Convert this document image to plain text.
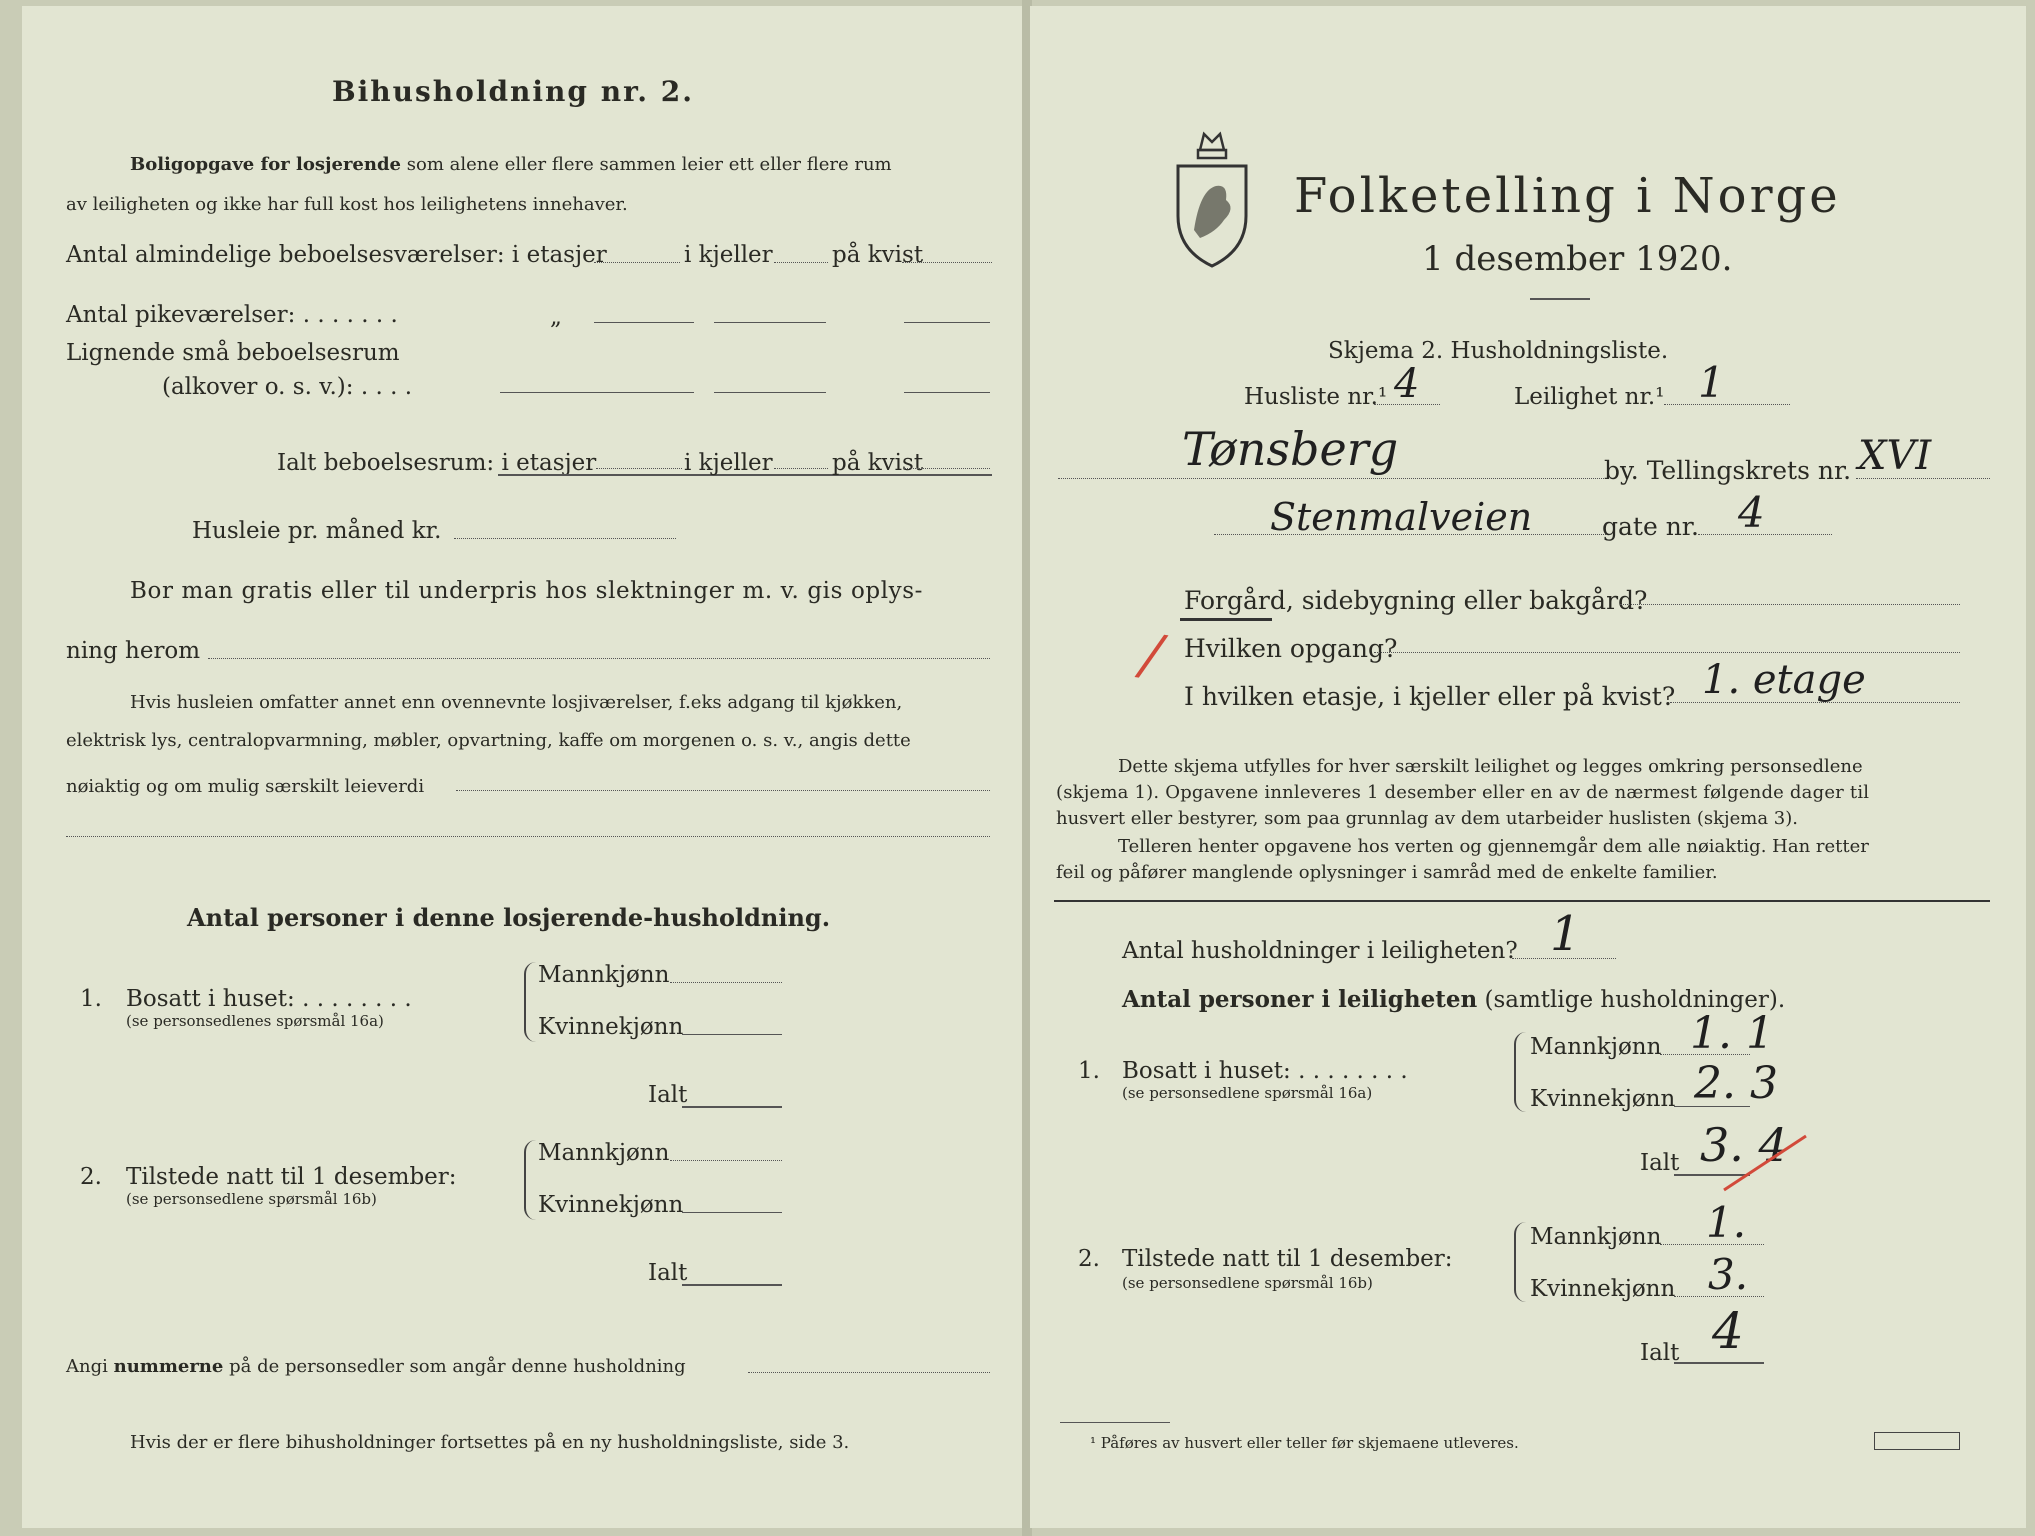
Bihusholdning nr. 2.
Boligopgave for losjerende som alene eller flere sammen leier ett eller flere rum
av leiligheten og ikke har full kost hos leilighetens innehaver.
Antal almindelige beboelsesværelser: i etasjer	i kjeller	på kvist
Antal pikeværelser: . . . . . . .	„
Lignende små beboelsesrum
(alkover o. s. v.): . . . .
Ialt beboelsesrum: i etasjer	i kjeller	på kvist
Husleie pr. måned kr.
Bor man gratis eller til underpris hos slektninger m. v. gis oplys-
ning herom
Hvis husleien omfatter annet enn ovennevnte losjiværelser, f.eks adgang til kjøkken,
elektrisk lys, centralopvarmning, møbler, opvartning, kaffe om morgenen o. s. v., angis dette
nøiaktig og om mulig særskilt leieverdi
Antal personer i denne losjerende-husholdning.
1. Bosatt i huset: . . . . . . . .
(se personsedlenes spørsmål 16a)
Mannkjønn
Kvinnekjønn
Ialt
2. Tilstede natt til 1 desember:
(se personsedlene spørsmål 16b)
Mannkjønn
Kvinnekjønn
Ialt
Angi nummerne på de personsedler som angår denne husholdning
Hvis der er flere bihusholdninger fortsettes på en ny husholdningsliste, side 3.
Folketelling i Norge
1 desember 1920.
Skjema 2. Husholdningsliste.
Husliste nr.¹ 4	Leilighet nr.¹ 1
Tønsberg	by. Tellingskrets nr. XVI
Stenmalveien	gate nr. 4
Forgård, sidebygning eller bakgård?
/ Hvilken opgang?
I hvilken etasje, i kjeller eller på kvist? 1. etage
Dette skjema utfylles for hver særskilt leilighet og legges omkring personsedlene
(skjema 1). Opgavene innleveres 1 desember eller en av de nærmest følgende dager til
husvert eller bestyrer, som paa grunnlag av dem utarbeider huslisten (skjema 3).
Telleren henter opgavene hos verten og gjennemgår dem alle nøiaktig. Han retter
feil og påfører manglende oplysninger i samråd med de enkelte familier.
Antal husholdninger i leiligheten? 1
Antal personer i leiligheten (samtlige husholdninger).
1. Bosatt i huset: . . . . . . . .
(se personsedlene spørsmål 16a)
Mannkjønn 1. 1
Kvinnekjønn 2. 3
Ialt 3. 4
2. Tilstede natt til 1 desember:
(se personsedlene spørsmål 16b)
Mannkjønn 1.
Kvinnekjønn 3.
Ialt 4
¹ Påføres av husvert eller teller før skjemaene utleveres.
